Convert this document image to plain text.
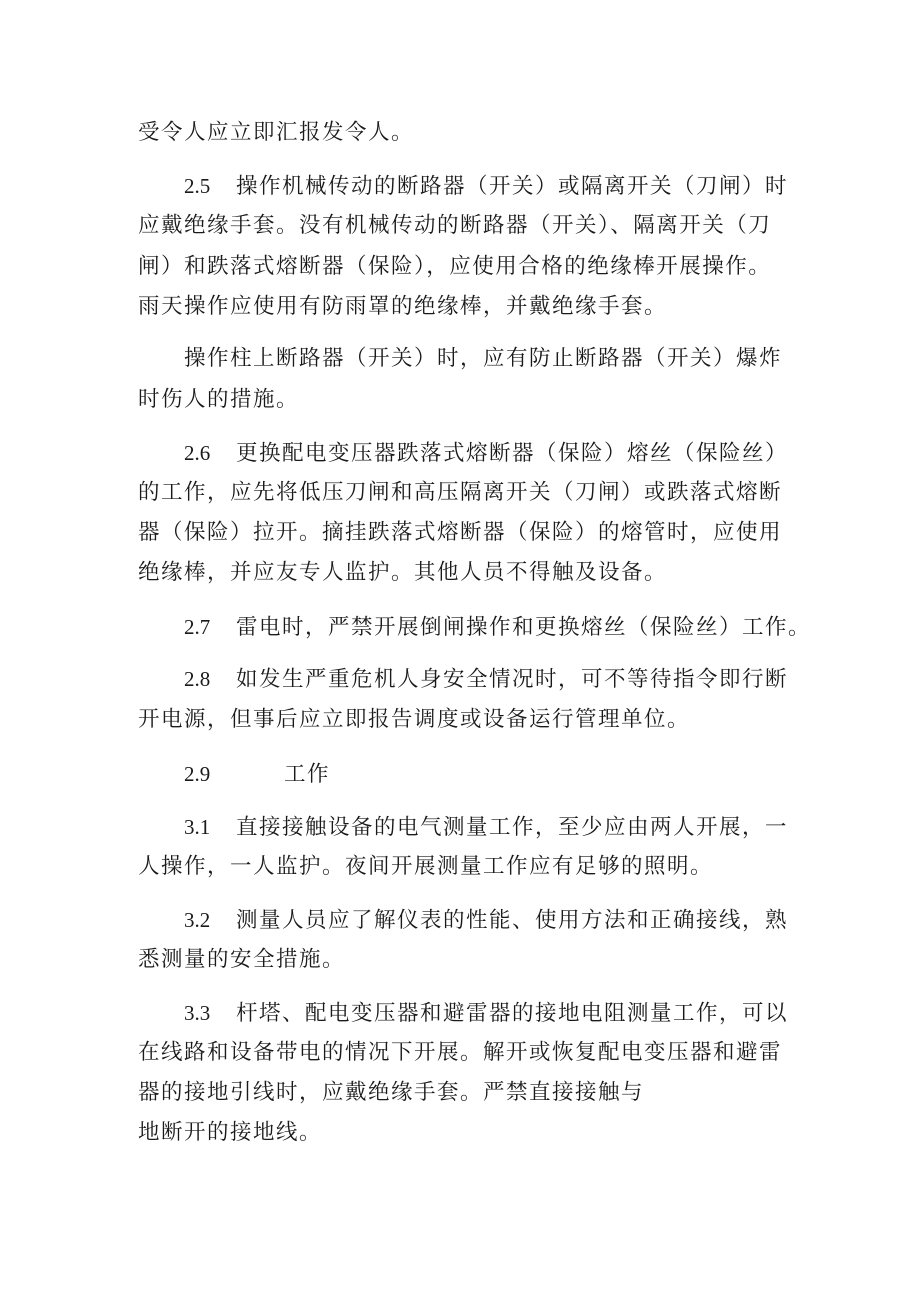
受令人应立即汇报发令人。
2.5 操作机械传动的断路器（开关）或隔离开关（刀闸）时
应戴绝缘手套。没有机械传动的断路器（开关）、隔离开关（刀
闸）和跌落式熔断器（保险），应使用合格的绝缘棒开展操作。
雨天操作应使用有防雨罩的绝缘棒，并戴绝缘手套。
操作柱上断路器（开关）时，应有防止断路器（开关）爆炸
时伤人的措施。
2.6 更换配电变压器跌落式熔断器（保险）熔丝（保险丝）
的工作，应先将低压刀闸和高压隔离开关（刀闸）或跌落式熔断
器（保险）拉开。摘挂跌落式熔断器（保险）的熔管时，应使用
绝缘棒，并应友专人监护。其他人员不得触及设备。
2.7 雷电时，严禁开展倒闸操作和更换熔丝（保险丝）工作。
2.8 如发生严重危机人身安全情况时，可不等待指令即行断
开电源，但事后应立即报告调度或设备运行管理单位。
2.9	工作
3.1 直接接触设备的电气测量工作，至少应由两人开展，一
人操作，一人监护。夜间开展测量工作应有足够的照明。
3.2 测量人员应了解仪表的性能、使用方法和正确接线，熟
悉测量的安全措施。
3.3 杆塔、配电变压器和避雷器的接地电阻测量工作，可以
在线路和设备带电的情况下开展。解开或恢复配电变压器和避雷
器的接地引线时，应戴绝缘手套。严禁直接接触与
地断开的接地线。
